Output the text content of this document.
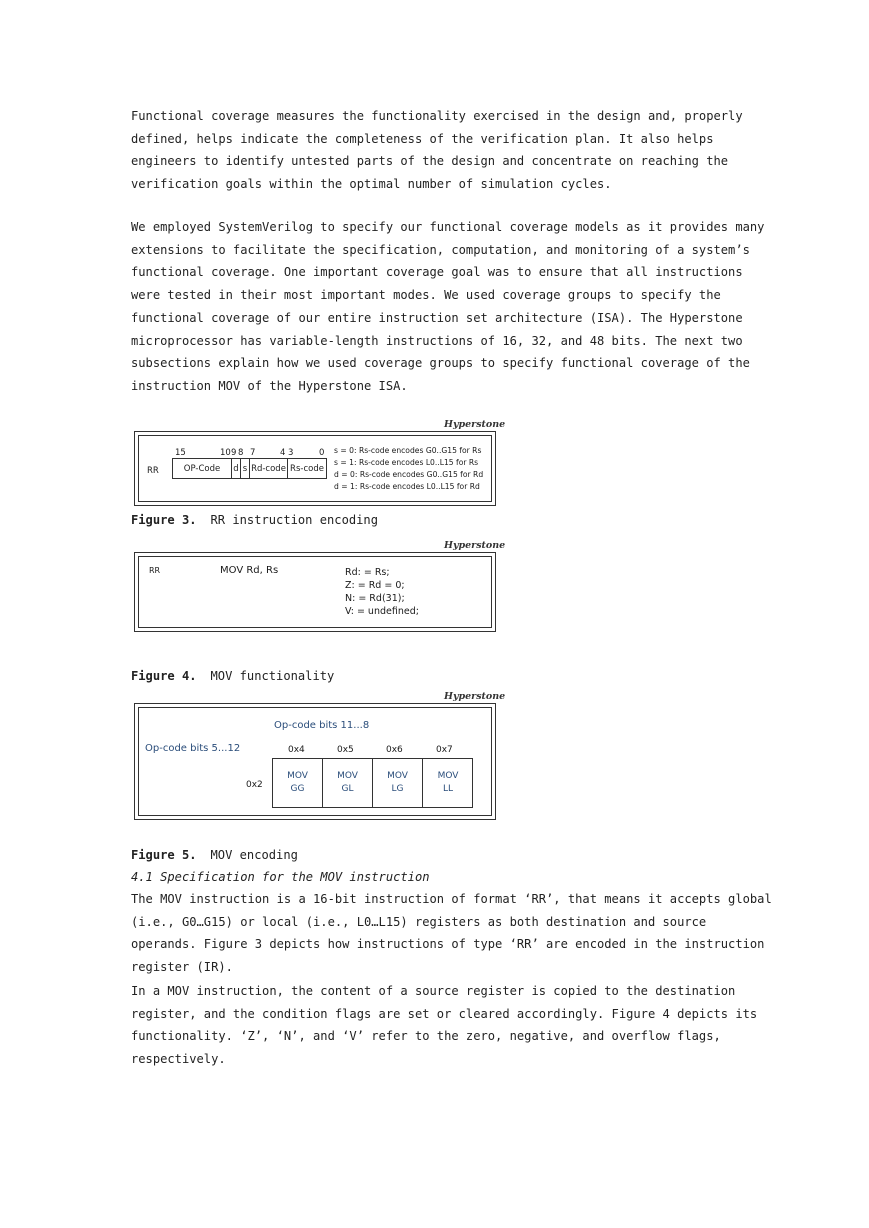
Functional coverage measures the functionality exercised in the design and, properly
defined, helps indicate the completeness of the verification plan. It also helps
engineers to identify untested parts of the design and concentrate on reaching the
verification goals within the optimal number of simulation cycles.
We employed SystemVerilog to specify our functional coverage models as it provides many
extensions to facilitate the specification, computation, and monitoring of a system’s
functional coverage. One important coverage goal was to ensure that all instructions
were tested in their most important modes. We used coverage groups to specify the
functional coverage of our entire instruction set architecture (ISA). The Hyperstone
microprocessor has variable-length instructions of 16, 32, and 48 bits. The next two
subsections explain how we used coverage groups to specify functional coverage of the
instruction MOV of the Hyperstone ISA.
Hyperstone
RR
15	10 9 8 7	4 3	0
OP-Code	d s Rd-code Rs-code
s = 0: Rs-code encodes G0..G15 for Rs
s = 1: Rs-code encodes L0..L15 for Rs
d = 0: Rs-code encodes G0..G15 for Rd
d = 1: Rs-code encodes L0..L15 for Rd
Figure 3. RR instruction encoding
Hyperstone
RR	MOV Rd, Rs	Rd: = Rs;
Z: = Rd = 0;
N: = Rd(31);
V: = undefined;
Figure 4. MOV functionality
Hyperstone
Op-code bits 11...8
Op-code bits 5...12	0x4	0x5	0x6	0x7
0x2
MOV
GG
MOV
GL
MOV
LG
MOV
LL
Figure 5. MOV encoding
4.1 Specification for the MOV instruction
The MOV instruction is a 16-bit instruction of format ‘RR’, that means it accepts global
(i.e., G0…G15) or local (i.e., L0…L15) registers as both destination and source
operands. Figure 3 depicts how instructions of type ‘RR’ are encoded in the instruction
register (IR).
In a MOV instruction, the content of a source register is copied to the destination
register, and the condition flags are set or cleared accordingly. Figure 4 depicts its
functionality. ‘Z’, ‘N’, and ‘V’ refer to the zero, negative, and overflow flags,
respectively.
